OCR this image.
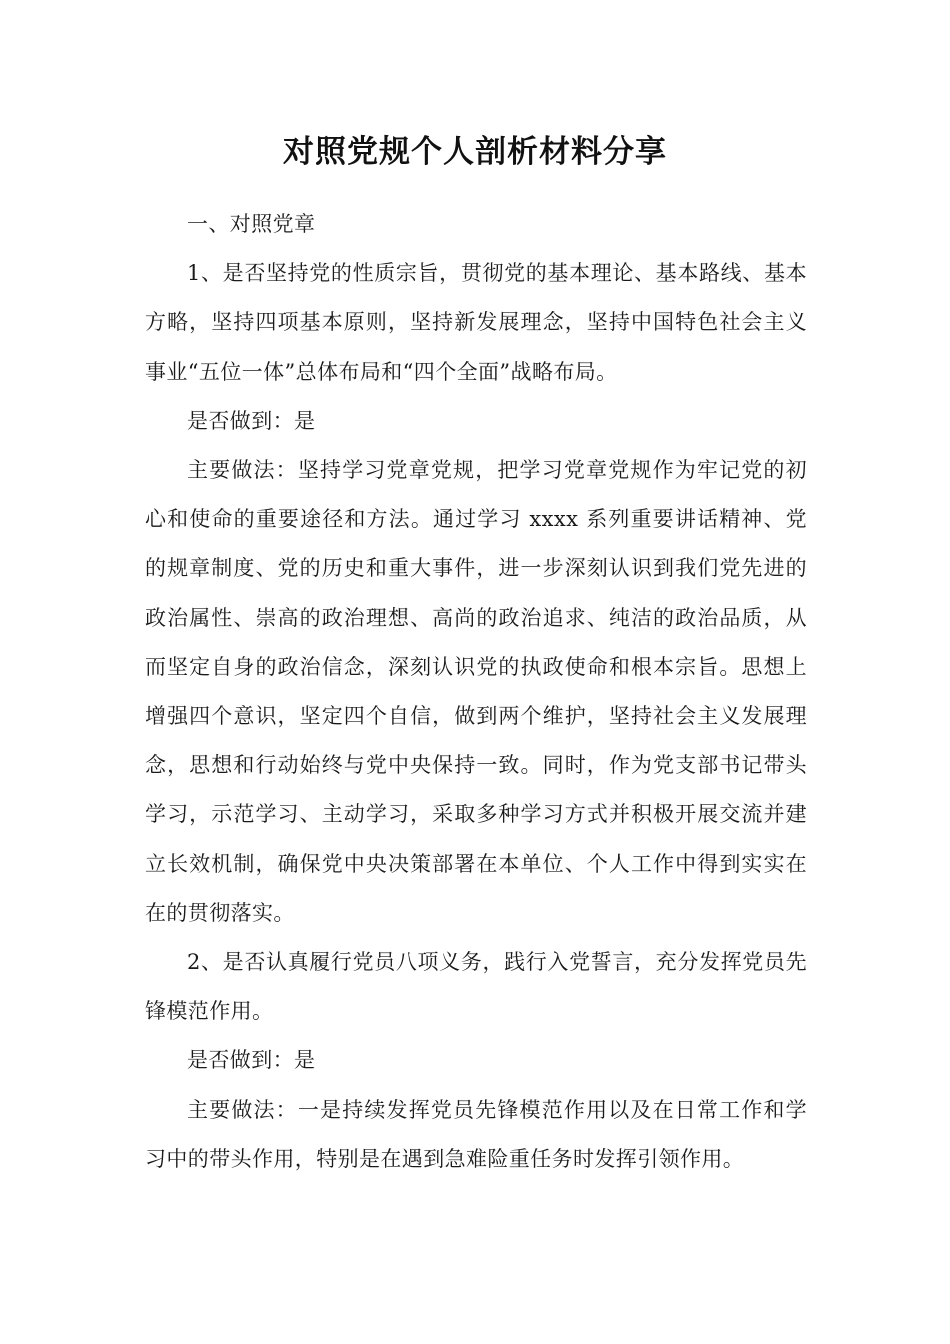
对照党规个人剖析材料分享

一、对照党章

1、是否坚持党的性质宗旨，贯彻党的基本理论、基本路线、基本方略，坚持四项基本原则，坚持新发展理念，坚持中国特色社会主义事业“五位一体”总体布局和“四个全面”战略布局。

是否做到：是

主要做法：坚持学习党章党规，把学习党章党规作为牢记党的初心和使命的重要途径和方法。通过学习 xxxx 系列重要讲话精神、党的规章制度、党的历史和重大事件，进一步深刻认识到我们党先进的政治属性、崇高的政治理想、高尚的政治追求、纯洁的政治品质，从而坚定自身的政治信念，深刻认识党的执政使命和根本宗旨。思想上增强四个意识，坚定四个自信，做到两个维护，坚持社会主义发展理念，思想和行动始终与党中央保持一致。同时，作为党支部书记带头学习，示范学习、主动学习，采取多种学习方式并积极开展交流并建立长效机制，确保党中央决策部署在本单位、个人工作中得到实实在在的贯彻落实。

2、是否认真履行党员八项义务，践行入党誓言，充分发挥党员先锋模范作用。

是否做到：是

主要做法：一是持续发挥党员先锋模范作用以及在日常工作和学习中的带头作用，特别是在遇到急难险重任务时发挥引领作用。
